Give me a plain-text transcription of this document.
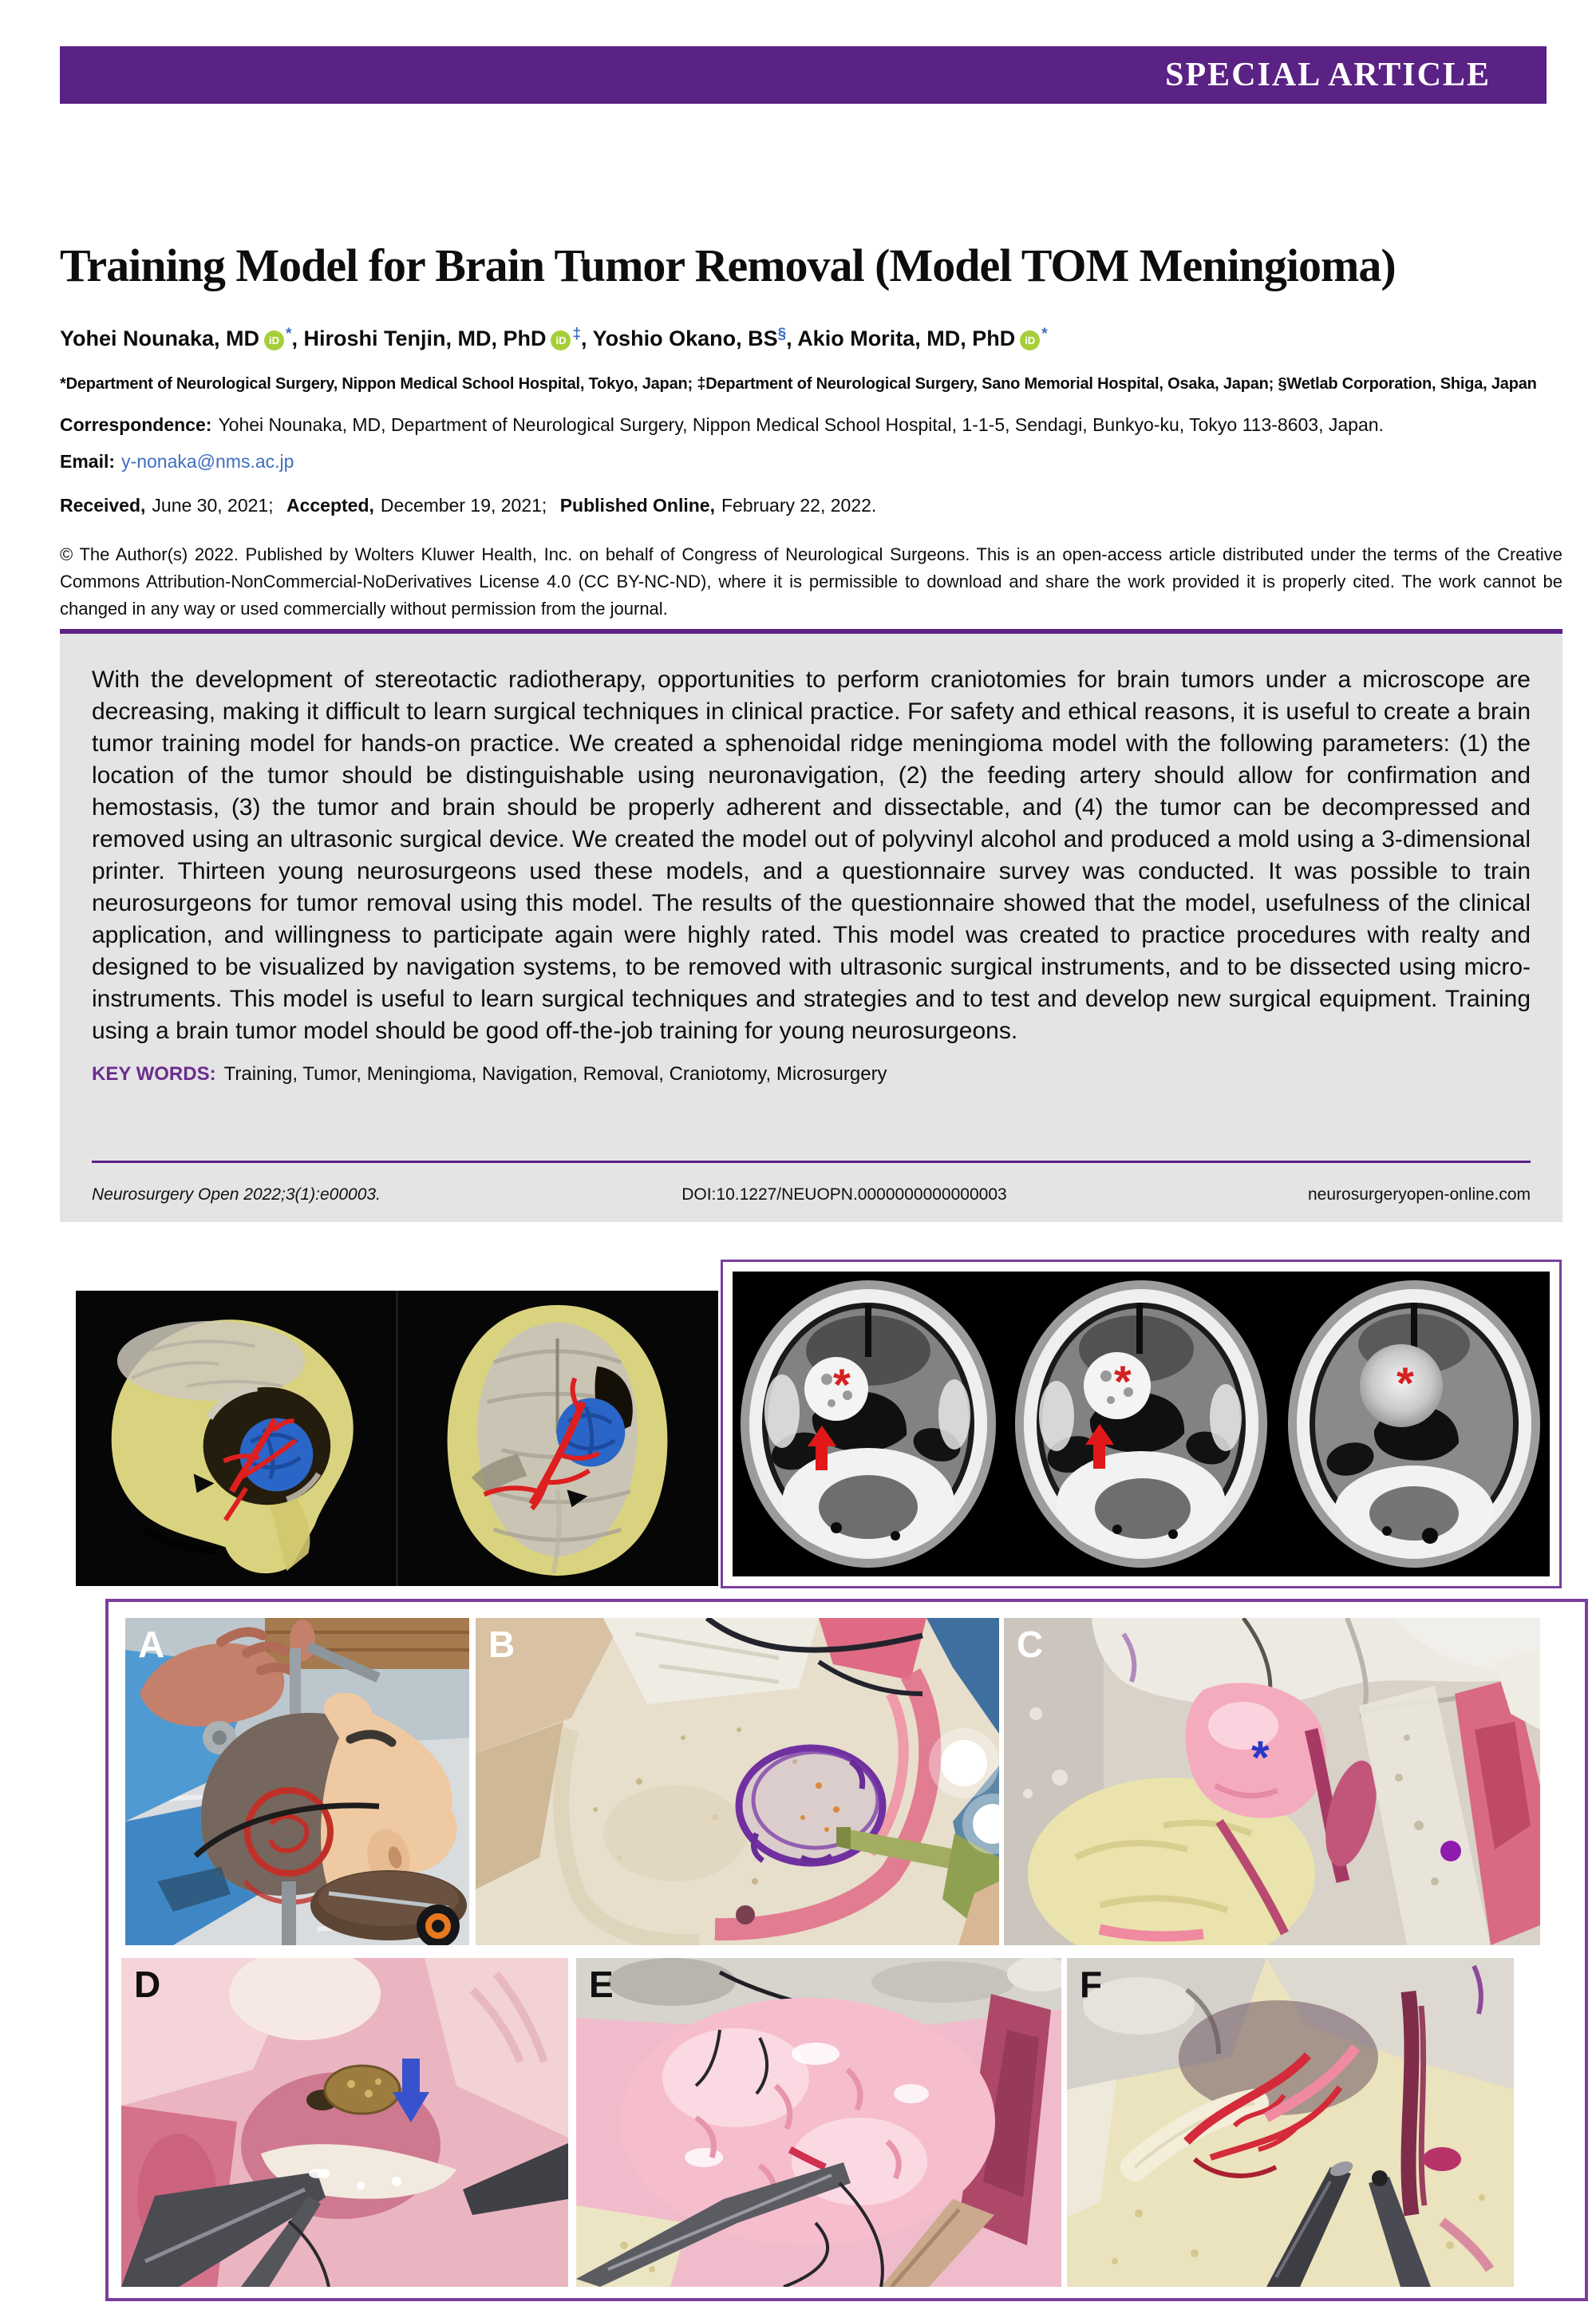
SPECIAL ARTICLE
Training Model for Brain Tumor Removal (Model TOM Meningioma)
Yohei Nounaka, MD iD *, Hiroshi Tenjin, MD, PhD iD ‡, Yoshio Okano, BS§, Akio Morita, MD, PhD iD *
*Department of Neurological Surgery, Nippon Medical School Hospital, Tokyo, Japan; ‡Department of Neurological Surgery, Sano Memorial Hospital, Osaka, Japan; §Wetlab Corporation, Shiga, Japan
Correspondence: Yohei Nounaka, MD, Department of Neurological Surgery, Nippon Medical School Hospital, 1-1-5, Sendagi, Bunkyo-ku, Tokyo 113-8603, Japan.
Email: y-nonaka@nms.ac.jp
Received, June 30, 2021; Accepted, December 19, 2021; Published Online, February 22, 2022.
© The Author(s) 2022. Published by Wolters Kluwer Health, Inc. on behalf of Congress of Neurological Surgeons. This is an open-access article distributed under the terms of the Creative Commons Attribution-NonCommercial-NoDerivatives License 4.0 (CC BY-NC-ND), where it is permissible to download and share the work provided it is properly cited. The work cannot be changed in any way or used commercially without permission from the journal.

With the development of stereotactic radiotherapy, opportunities to perform craniotomies for brain tumors under a microscope are decreasing, making it difficult to learn surgical techniques in clinical practice. For safety and ethical reasons, it is useful to create a brain tumor training model for hands-on practice. We created a sphenoidal ridge meningioma model with the following parameters: (1) the location of the tumor should be distinguishable using neuronavigation, (2) the feeding artery should allow for confirmation and hemostasis, (3) the tumor and brain should be properly adherent and dissectable, and (4) the tumor can be decompressed and removed using an ultrasonic surgical device. We created the model out of polyvinyl alcohol and produced a mold using a 3-dimensional printer. Thirteen young neurosurgeons used these models, and a questionnaire survey was conducted. It was possible to train neurosurgeons for tumor removal using this model. The results of the questionnaire showed that the model, usefulness of the clinical application, and willingness to participate again were highly rated. This model was created to practice procedures with realty and designed to be visualized by navigation systems, to be removed with ultrasonic surgical instruments, and to be dissected using micro-instruments. This model is useful to learn surgical techniques and strategies and to test and develop new surgical equipment. Training using a brain tumor model should be good off-the-job training for young neurosurgeons.

KEY WORDS: Training, Tumor, Meningioma, Navigation, Removal, Craniotomy, Microsurgery
Neurosurgery Open 2022;3(1):e00003.	DOI:10.1227/NEUOPN.0000000000000003	neurosurgeryopen-online.com
*	*	*
A	B
*
C
D	E	F
